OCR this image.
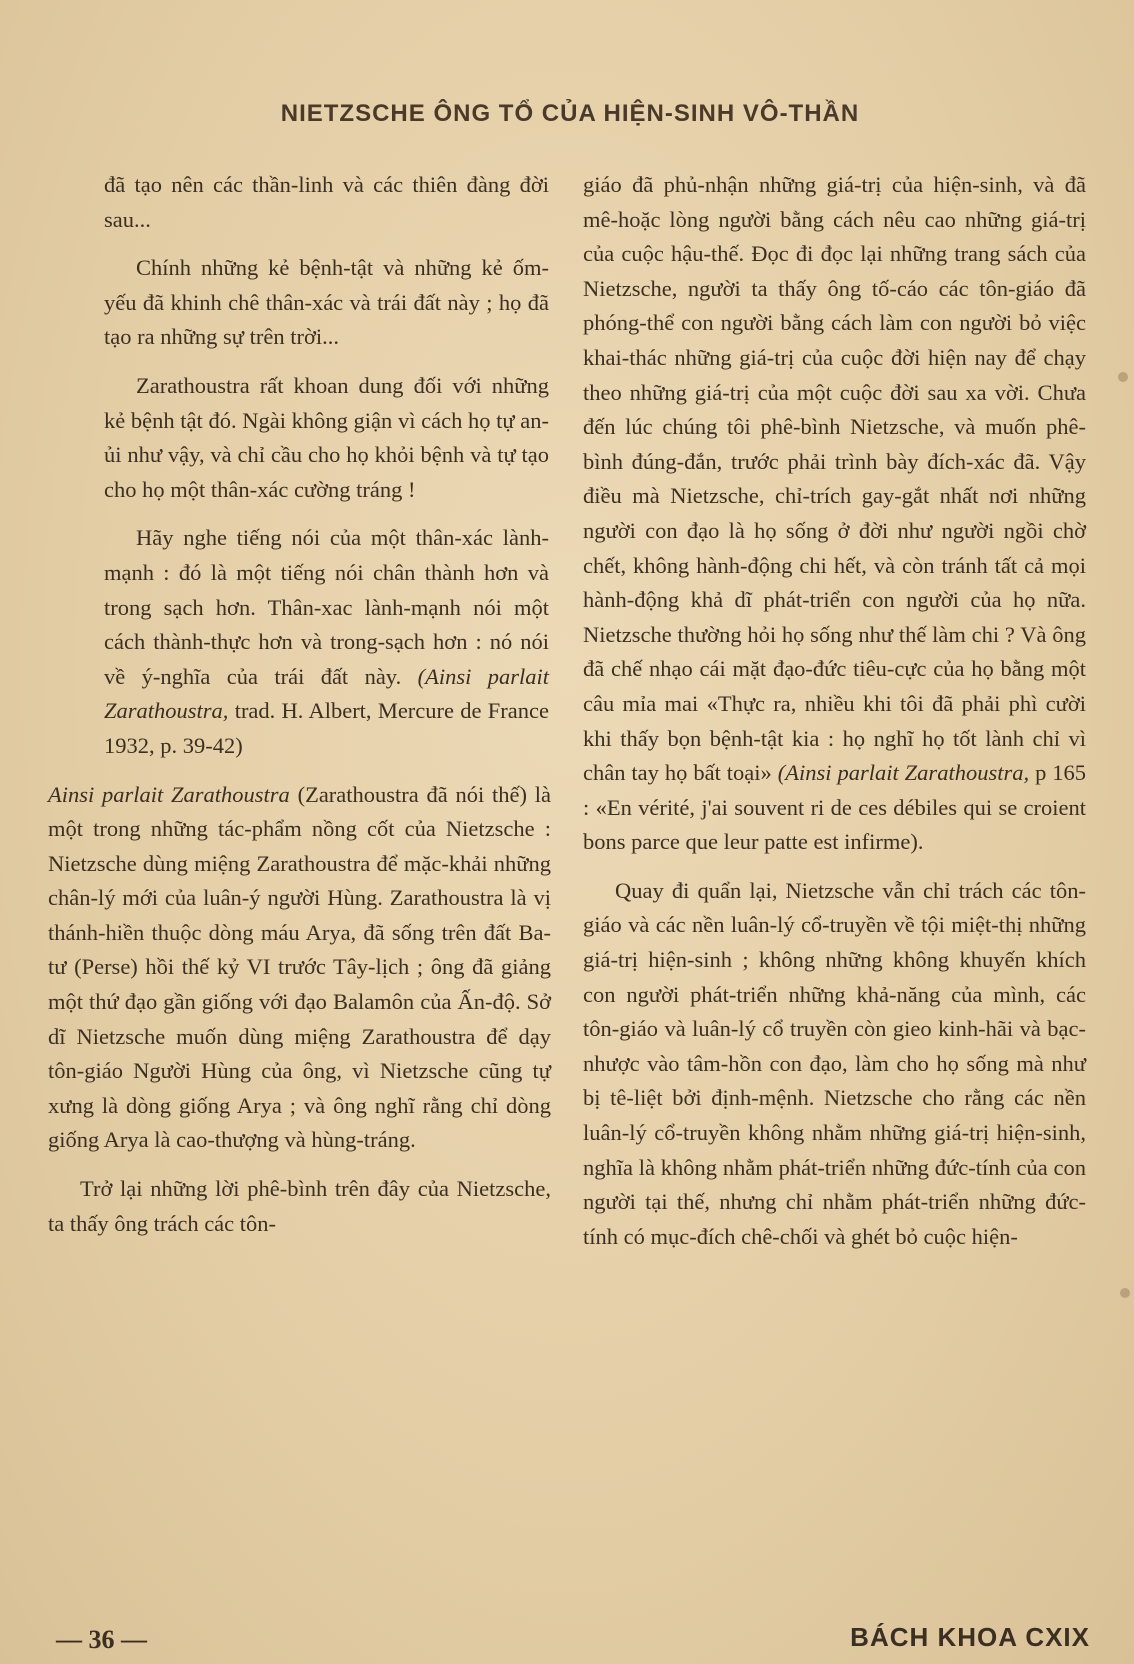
NIETZSCHE ÔNG TỔ CỦA HIỆN-SINH VÔ-THẦN

đã tạo nên các thần-linh và các thiên đàng đời sau...

Chính những kẻ bệnh-tật và những kẻ ốm-yếu đã khinh chê thân-xác và trái đất này ; họ đã tạo ra những sự trên trời...

Zarathoustra rất khoan dung đối với những kẻ bệnh tật đó. Ngài không giận vì cách họ tự an-ủi như vậy, và chỉ cầu cho họ khỏi bệnh và tự tạo cho họ một thân-xác cường tráng !

Hãy nghe tiếng nói của một thân-xác lành-mạnh : đó là một tiếng nói chân thành hơn và trong sạch hơn. Thân-xac lành-mạnh nói một cách thành-thực hơn và trong-sạch hơn : nó nói về ý-nghĩa của trái đất này. (Ainsi parlait Zarathoustra, trad. H. Albert, Mercure de France 1932, p. 39-42)

Ainsi parlait Zarathoustra (Zarathoustra đã nói thế) là một trong những tác-phẩm nồng cốt của Nietzsche : Nietzsche dùng miệng Zarathoustra để mặc-khải những chân-lý mới của luân-ý người Hùng. Zarathoustra là vị thánh-hiền thuộc dòng máu Arya, đã sống trên đất Ba-tư (Perse) hồi thế kỷ VI trước Tây-lịch ; ông đã giảng một thứ đạo gần giống với đạo Balamôn của Ấn-độ. Sở dĩ Nietzsche muốn dùng miệng Zarathoustra để dạy tôn-giáo Người Hùng của ông, vì Nietzsche cũng tự xưng là dòng giống Arya ; và ông nghĩ rằng chỉ dòng giống Arya là cao-thượng và hùng-tráng.

Trở lại những lời phê-bình trên đây của Nietzsche, ta thấy ông trách các tôn-

giáo đã phủ-nhận những giá-trị của hiện-sinh, và đã mê-hoặc lòng người bằng cách nêu cao những giá-trị của cuộc hậu-thế. Đọc đi đọc lại những trang sách của Nietzsche, người ta thấy ông tố-cáo các tôn-giáo đã phóng-thể con người bằng cách làm con người bỏ việc khai-thác những giá-trị của cuộc đời hiện nay để chạy theo những giá-trị của một cuộc đời sau xa vời. Chưa đến lúc chúng tôi phê-bình Nietzsche, và muốn phê-bình đúng-đắn, trước phải trình bày đích-xác đã. Vậy điều mà Nietzsche, chỉ-trích gay-gắt nhất nơi những người con đạo là họ sống ở đời như người ngồi chờ chết, không hành-động chi hết, và còn tránh tất cả mọi hành-động khả dĩ phát-triển con người của họ nữa. Nietzsche thường hỏi họ sống như thế làm chi ? Và ông đã chế nhạo cái mặt đạo-đức tiêu-cực của họ bằng một câu mỉa mai «Thực ra, nhiều khi tôi đã phải phì cười khi thấy bọn bệnh-tật kia : họ nghĩ họ tốt lành chỉ vì chân tay họ bất toại» (Ainsi parlait Zarathoustra, p 165 : «En vérité, j'ai souvent ri de ces débiles qui se croient bons parce que leur patte est infirme).

Quay đi quẩn lại, Nietzsche vẫn chỉ trách các tôn-giáo và các nền luân-lý cổ-truyền về tội miệt-thị những giá-trị hiện-sinh ; không những không khuyến khích con người phát-triển những khả-năng của mình, các tôn-giáo và luân-lý cổ truyền còn gieo kinh-hãi và bạc-nhược vào tâm-hồn con đạo, làm cho họ sống mà như bị tê-liệt bởi định-mệnh. Nietzsche cho rằng các nền luân-lý cổ-truyền không nhằm những giá-trị hiện-sinh, nghĩa là không nhằm phát-triển những đức-tính của con người tại thế, nhưng chỉ nhằm phát-triển những đức-tính có mục-đích chê-chối và ghét bỏ cuộc hiện-

— 36 —	BÁCH KHOA CXIX
